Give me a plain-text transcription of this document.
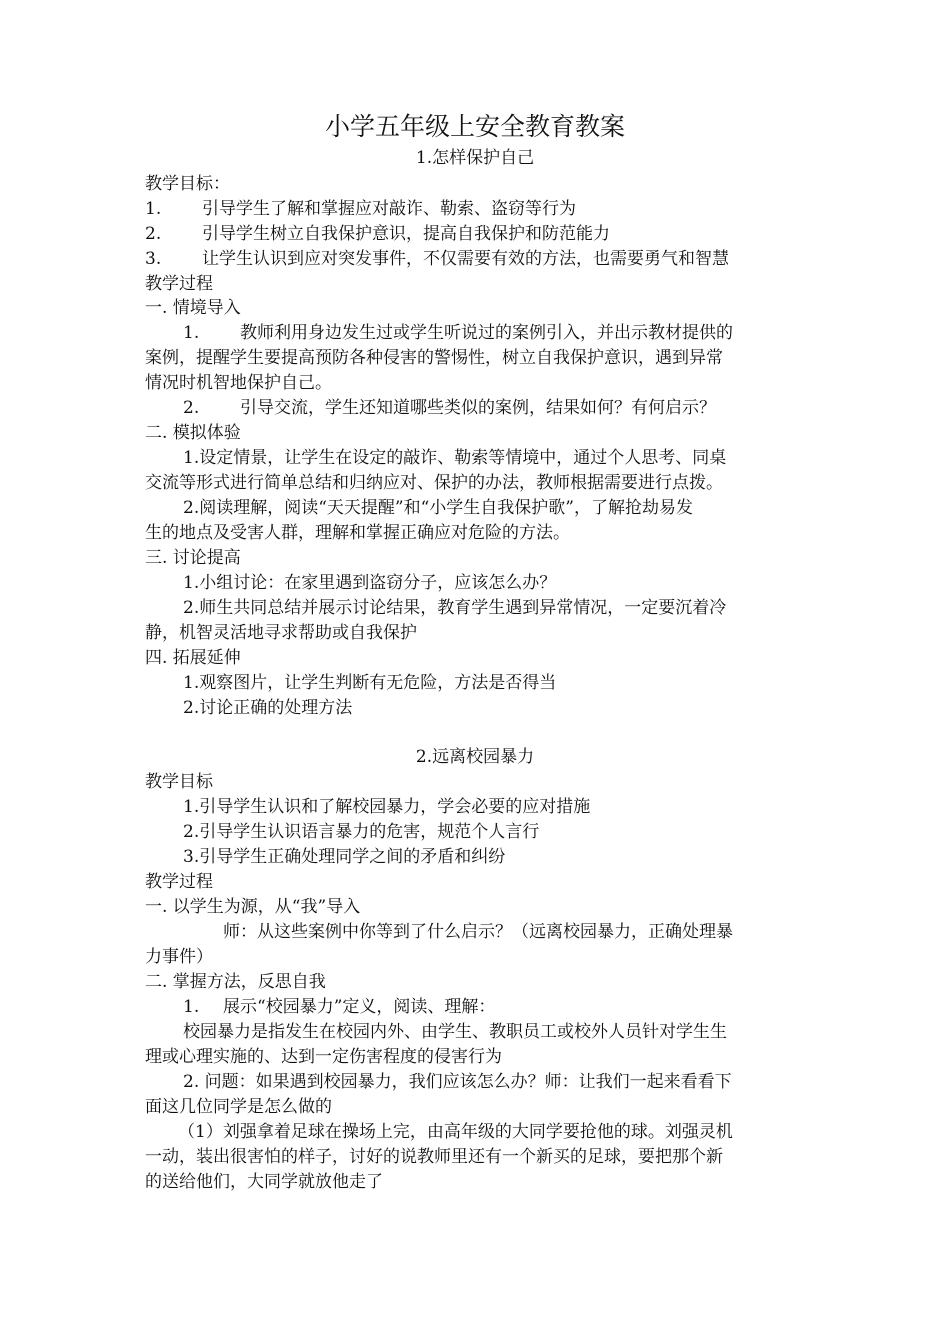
小学五年级上安全教育教案
1.怎样保护自己
教学目标：
1. 引导学生了解和掌握应对敲诈、勒索、盗窃等行为
2. 引导学生树立自我保护意识，提高自我保护和防范能力
3. 让学生认识到应对突发事件，不仅需要有效的方法，也需要勇气和智慧
教学过程
一. 情境导入
1. 教师利用身边发生过或学生听说过的案例引入，并出示教材提供的
案例，提醒学生要提高预防各种侵害的警惕性，树立自我保护意识，遇到异常
情况时机智地保护自己。
2. 引导交流，学生还知道哪些类似的案例，结果如何？有何启示？
二. 模拟体验
1.设定情景，让学生在设定的敲诈、勒索等情境中，通过个人思考、同桌
交流等形式进行简单总结和归纳应对、保护的办法，教师根据需要进行点拨。
2.阅读理解，阅读“天天提醒”和“小学生自我保护歌”，了解抢劫易发
生的地点及受害人群，理解和掌握正确应对危险的方法。
三. 讨论提高
1.小组讨论：在家里遇到盗窃分子，应该怎么办？
2.师生共同总结并展示讨论结果，教育学生遇到异常情况，一定要沉着冷
静，机智灵活地寻求帮助或自我保护
四. 拓展延伸
1.观察图片，让学生判断有无危险，方法是否得当
2.讨论正确的处理方法
2.远离校园暴力
教学目标
1.引导学生认识和了解校园暴力，学会必要的应对措施
2.引导学生认识语言暴力的危害，规范个人言行
3.引导学生正确处理同学之间的矛盾和纠纷
教学过程
一. 以学生为源，从“我”导入
师：从这些案例中你等到了什么启示？（远离校园暴力，正确处理暴
力事件）
二. 掌握方法，反思自我
1. 展示“校园暴力”定义，阅读、理解：
校园暴力是指发生在校园内外、由学生、教职员工或校外人员针对学生生
理或心理实施的、达到一定伤害程度的侵害行为
2. 问题：如果遇到校园暴力，我们应该怎么办？师：让我们一起来看看下
面这几位同学是怎么做的
（1）刘强拿着足球在操场上完，由高年级的大同学要抢他的球。刘强灵机
一动，装出很害怕的样子，讨好的说教师里还有一个新买的足球，要把那个新
的送给他们，大同学就放他走了
